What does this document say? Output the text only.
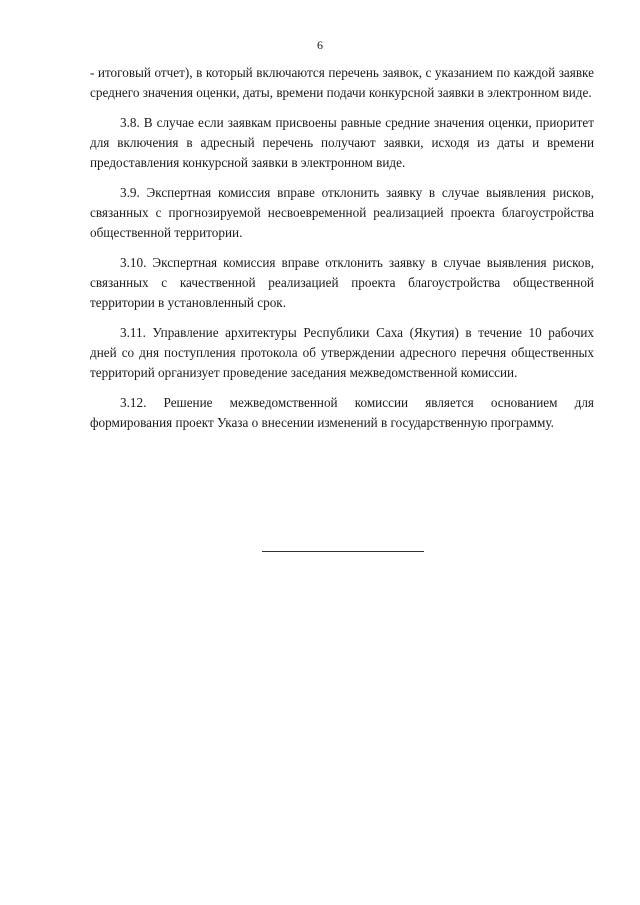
6

- итоговый отчет), в который включаются перечень заявок, с указанием по каждой заявке среднего значения оценки, даты, времени подачи конкурсной заявки в электронном виде.

3.8. В случае если заявкам присвоены равные средние значения оценки, приоритет для включения в адресный перечень получают заявки, исходя из даты и времени предоставления конкурсной заявки в электронном виде.

3.9. Экспертная комиссия вправе отклонить заявку в случае выявления рисков, связанных с прогнозируемой несвоевременной реализацией проекта благоустройства общественной территории.

3.10. Экспертная комиссия вправе отклонить заявку в случае выявления рисков, связанных с качественной реализацией проекта благоустройства общественной территории в установленный срок.

3.11. Управление архитектуры Республики Саха (Якутия) в течение 10 рабочих дней со дня поступления протокола об утверждении адресного перечня общественных территорий организует проведение заседания межведомственной комиссии.

3.12. Решение межведомственной комиссии является основанием для формирования проект Указа о внесении изменений в государственную программу.
